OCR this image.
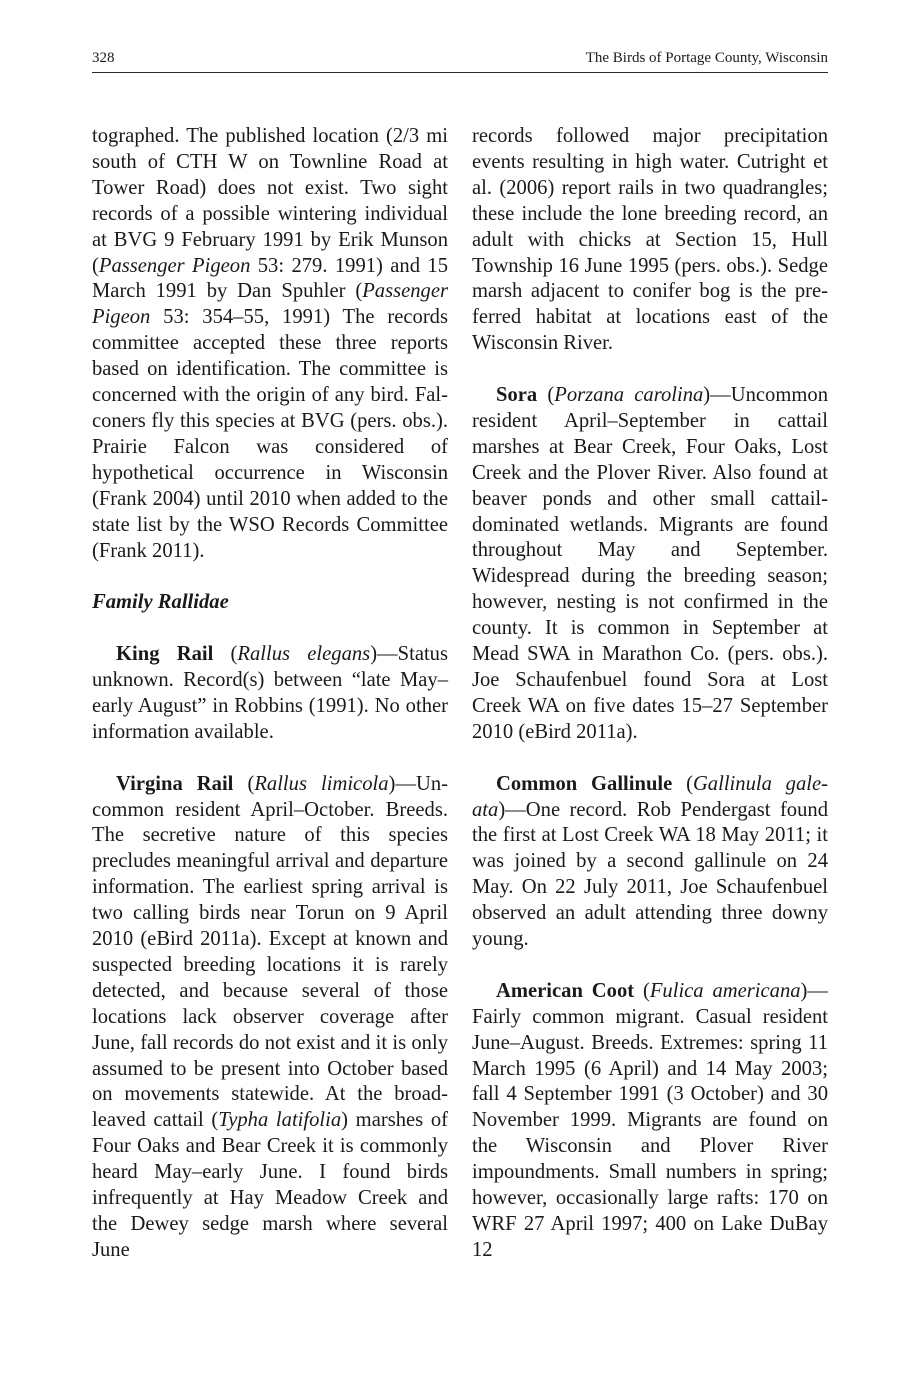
328	The Birds of Portage County, Wisconsin

tographed. The published location (2/3 mi south of CTH W on Townline Road at Tower Road) does not exist. Two sight records of a possible wintering individual at BVG 9 February 1991 by Erik Munson (Passenger Pigeon 53: 279. 1991) and 15 March 1991 by Dan Spuhler (Passenger Pigeon 53: 354–55, 1991) The records committee accepted these three reports based on identification. The committee is concerned with the origin of any bird. Falconers fly this species at BVG (pers. obs.). Prairie Falcon was considered of hypothetical occurrence in Wisconsin (Frank 2004) until 2010 when added to the state list by the WSO Records Committee (Frank 2011).

Family Rallidae

King Rail (Rallus elegans)—Status unknown. Record(s) between “late May–early August” in Robbins (1991). No other information available.

Virgina Rail (Rallus limicola)—Uncommon resident April–October. Breeds. The secretive nature of this species precludes meaningful arrival and departure information. The earliest spring arrival is two calling birds near Torun on 9 April 2010 (eBird 2011a). Except at known and suspected breeding locations it is rarely detected, and because several of those locations lack observer coverage after June, fall records do not exist and it is only assumed to be present into October based on movements statewide. At the broad-leaved cattail (Typha latifolia) marshes of Four Oaks and Bear Creek it is commonly heard May–early June. I found birds infrequently at Hay Meadow Creek and the Dewey sedge marsh where several June

records followed major precipitation events resulting in high water. Cutright et al. (2006) report rails in two quadrangles; these include the lone breeding record, an adult with chicks at Section 15, Hull Township 16 June 1995 (pers. obs.). Sedge marsh adjacent to conifer bog is the preferred habitat at locations east of the Wisconsin River.

Sora (Porzana carolina)—Uncommon resident April–September in cattail marshes at Bear Creek, Four Oaks, Lost Creek and the Plover River. Also found at beaver ponds and other small cattail-dominated wetlands. Migrants are found throughout May and September. Widespread during the breeding season; however, nesting is not confirmed in the county. It is common in September at Mead SWA in Marathon Co. (pers. obs.). Joe Schaufenbuel found Sora at Lost Creek WA on five dates 15–27 September 2010 (eBird 2011a).

Common Gallinule (Gallinula galeata)—One record. Rob Pendergast found the first at Lost Creek WA 18 May 2011; it was joined by a second gallinule on 24 May. On 22 July 2011, Joe Schaufenbuel observed an adult attending three downy young.

American Coot (Fulica americana)— Fairly common migrant. Casual resident June–August. Breeds. Extremes: spring 11 March 1995 (6 April) and 14 May 2003; fall 4 September 1991 (3 October) and 30 November 1999. Migrants are found on the Wisconsin and Plover River impoundments. Small numbers in spring; however, occasionally large rafts: 170 on WRF 27 April 1997; 400 on Lake DuBay 12
